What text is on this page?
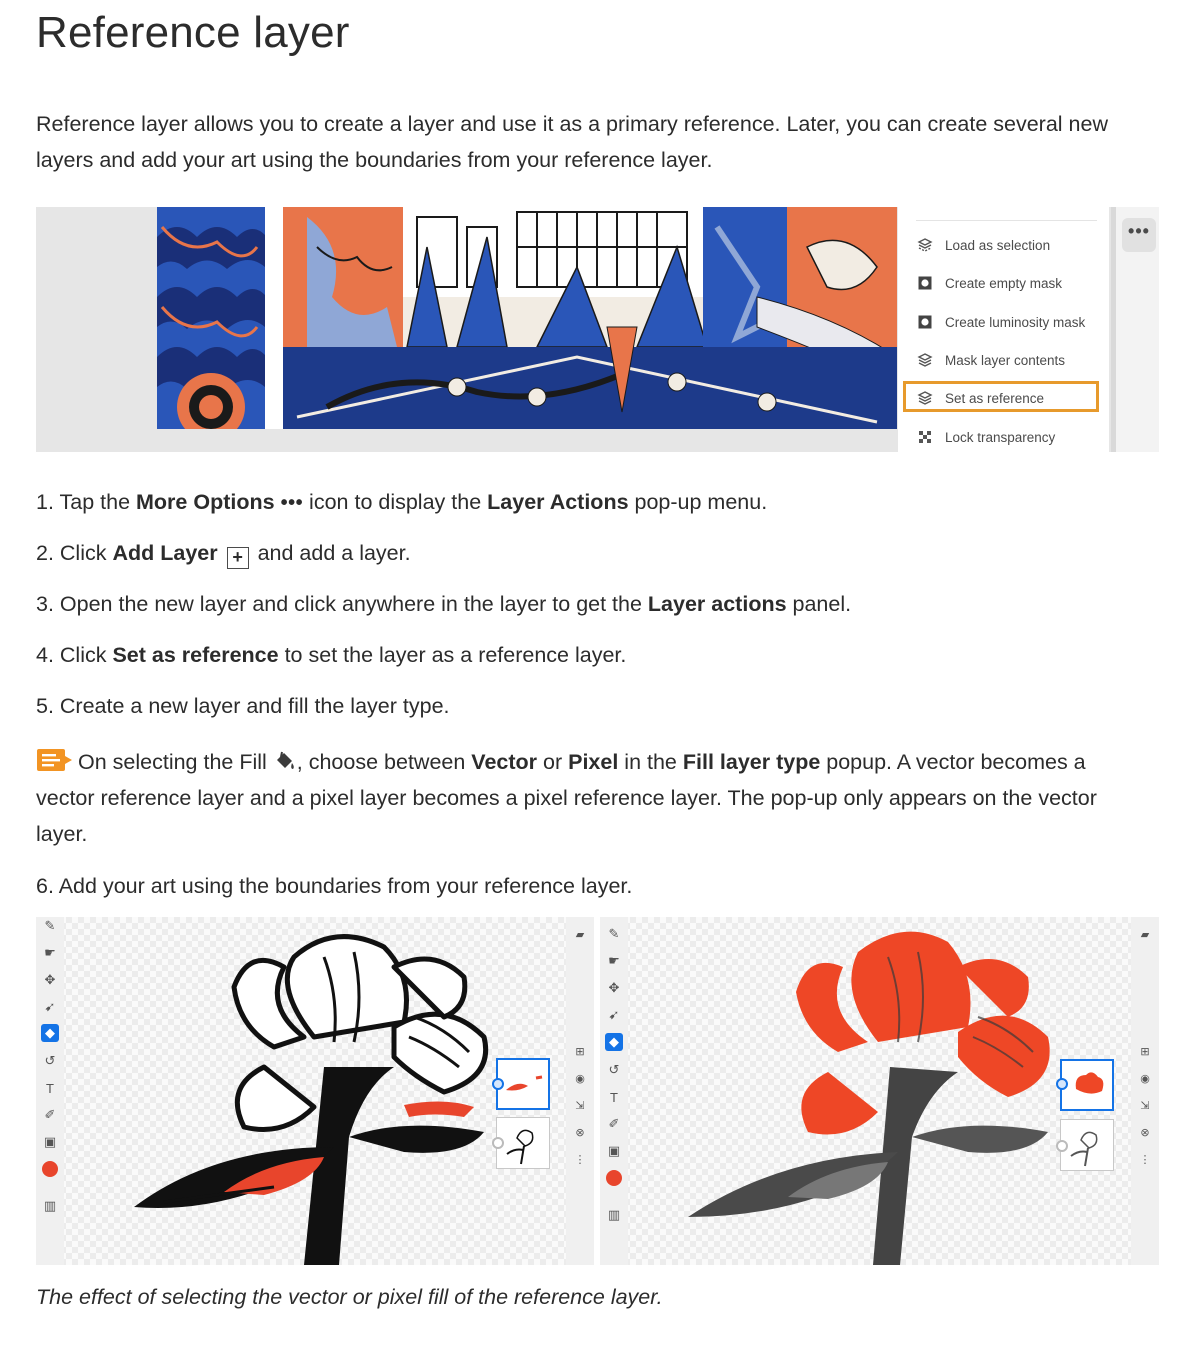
Reference layer

Reference layer allows you to create a layer and use it as a primary reference. Later, you can create several new layers and add your art using the boundaries from your reference layer.

Load as selection
Create empty mask
Create luminosity mask
Mask layer contents
Set as reference
Lock transparency
•••

1. Tap the More Options ••• icon to display the Layer Actions pop-up menu.

2. Click Add Layer + and add a layer.

3. Open the new layer and click anywhere in the layer to get the Layer actions panel.

4. Click Set as reference to set the layer as a reference layer.

5. Create a new layer and fill the layer type.

On selecting the Fill , choose between Vector or Pixel in the Fill layer type popup. A vector becomes a vector reference layer and a pixel layer becomes a pixel reference layer. The pop-up only appears on the vector layer.

6. Add your art using the boundaries from your reference layer.

✎
☛
✥
➹
◆
↺
T
✐
▣
▥
▰
⊞
◉
⇲
⊗
⋮
✎
☛
✥
➹
◆
↺
T
✐
▣
▥
▰
⊞
◉
⇲
⊗
⋮

The effect of selecting the vector or pixel fill of the reference layer.
